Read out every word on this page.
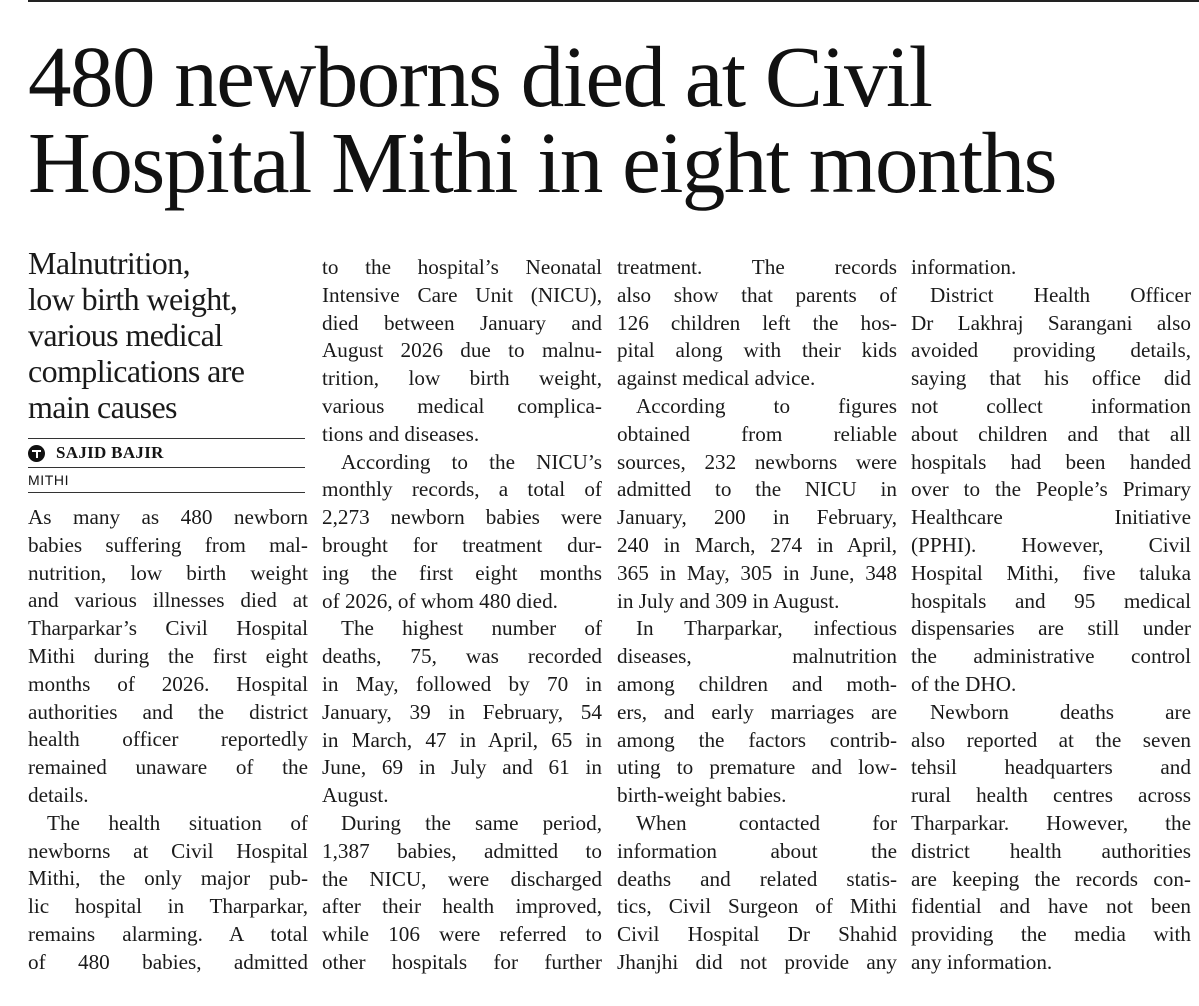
480 newborns died at Civil
Hospital Mithi in eight months
Malnutrition,
low birth weight,
various medical
complications are
main causes
SAJID BAJIR
MITHI
As many as 480 newborn
babies suffering from mal-
nutrition, low birth weight
and various illnesses died at
Tharparkar’s Civil Hospital
Mithi during the first eight
months of 2026. Hospital
authorities and the district
health officer reportedly
remained unaware of the
details.
The health situation of
newborns at Civil Hospital
Mithi, the only major pub-
lic hospital in Tharparkar,
remains alarming. A total
of 480 babies, admitted
to the hospital’s Neonatal
Intensive Care Unit (NICU),
died between January and
August 2026 due to malnu-
trition, low birth weight,
various medical complica-
tions and diseases.
According to the NICU’s
monthly records, a total of
2,273 newborn babies were
brought for treatment dur-
ing the first eight months
of 2026, of whom 480 died.
The highest number of
deaths, 75, was recorded
in May, followed by 70 in
January, 39 in February, 54
in March, 47 in April, 65 in
June, 69 in July and 61 in
August.
During the same period,
1,387 babies, admitted to
the NICU, were discharged
after their health improved,
while 106 were referred to
other hospitals for further
treatment. The records
also show that parents of
126 children left the hos-
pital along with their kids
against medical advice.
According to figures
obtained from reliable
sources, 232 newborns were
admitted to the NICU in
January, 200 in February,
240 in March, 274 in April,
365 in May, 305 in June, 348
in July and 309 in August.
In Tharparkar, infectious
diseases, malnutrition
among children and moth-
ers, and early marriages are
among the factors contrib-
uting to premature and low-
birth-weight babies.
When contacted for
information about the
deaths and related statis-
tics, Civil Surgeon of Mithi
Civil Hospital Dr Shahid
Jhanjhi did not provide any
information.
District Health Officer
Dr Lakhraj Sarangani also
avoided providing details,
saying that his office did
not collect information
about children and that all
hospitals had been handed
over to the People’s Primary
Healthcare Initiative
(PPHI). However, Civil
Hospital Mithi, five taluka
hospitals and 95 medical
dispensaries are still under
the administrative control
of the DHO.
Newborn deaths are
also reported at the seven
tehsil headquarters and
rural health centres across
Tharparkar. However, the
district health authorities
are keeping the records con-
fidential and have not been
providing the media with
any information.
